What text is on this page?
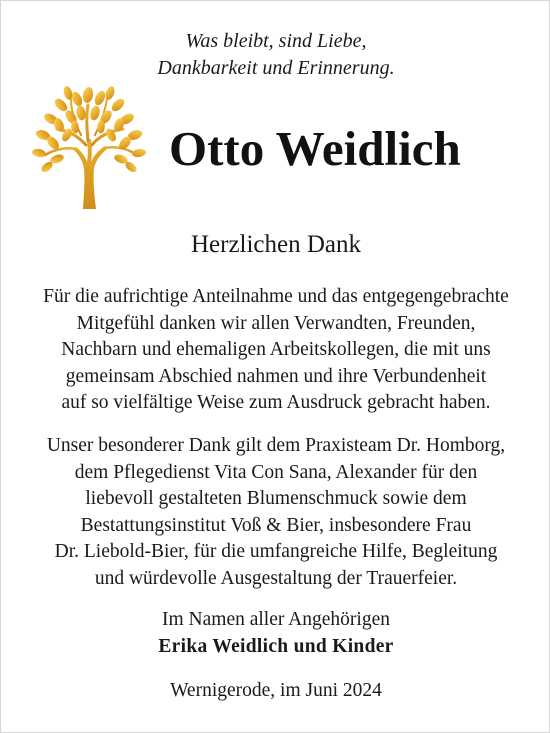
Was bleibt, sind Liebe,
Dankbarkeit und Erinnerung.
Otto Weidlich
Herzlichen Dank
Für die aufrichtige Anteilnahme und das entgegengebrachte
Mitgefühl danken wir allen Verwandten, Freunden,
Nachbarn und ehemaligen Arbeitskollegen, die mit uns
gemeinsam Abschied nahmen und ihre Verbundenheit
auf so vielfältige Weise zum Ausdruck gebracht haben.
Unser besonderer Dank gilt dem Praxisteam Dr. Homborg,
dem Pflegedienst Vita Con Sana, Alexander für den
liebevoll gestalteten Blumenschmuck sowie dem
Bestattungsinstitut Voß & Bier, insbesondere Frau
Dr. Liebold-Bier, für die umfangreiche Hilfe, Begleitung
und würdevolle Ausgestaltung der Trauerfeier.
Im Namen aller Angehörigen
Erika Weidlich und Kinder
Wernigerode, im Juni 2024
